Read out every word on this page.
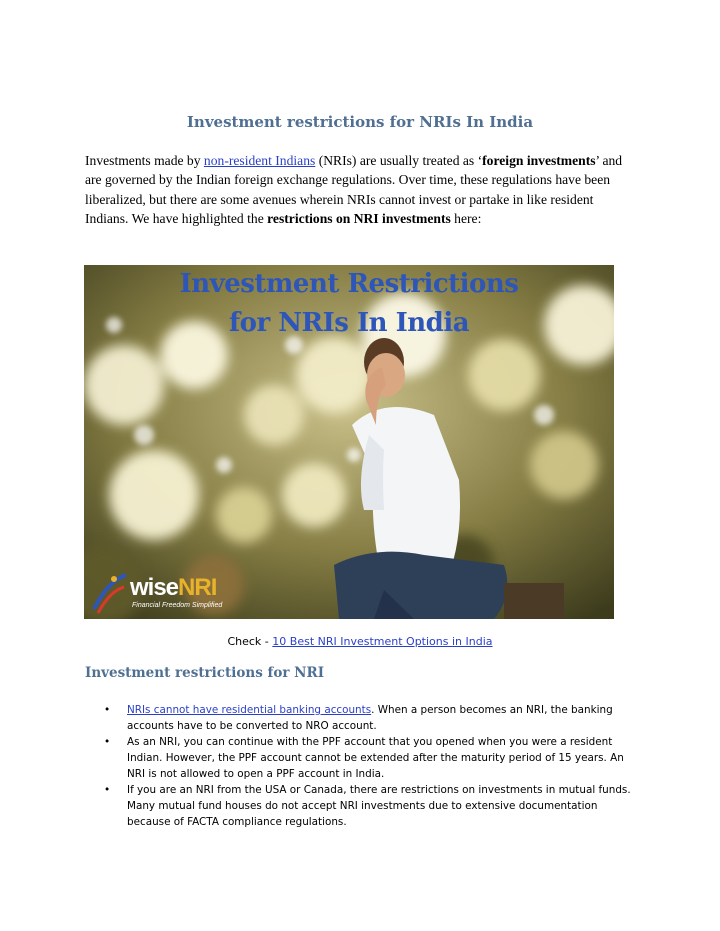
Investment restrictions for NRIs In India
Investments made by non-resident Indians (NRIs) are usually treated as ‘foreign investments’ and are governed by the Indian foreign exchange regulations. Over time, these regulations have been liberalized, but there are some avenues wherein NRIs cannot invest or partake in like resident Indians. We have highlighted the restrictions on NRI investments here:
Investment Restrictions
for NRIs In India
wiseNRI
Financial Freedom Simplified
Check - 10 Best NRI Investment Options in India
Investment restrictions for NRI
• NRIs cannot have residential banking accounts. When a person becomes an NRI, the banking accounts have to be converted to NRO account.
• As an NRI, you can continue with the PPF account that you opened when you were a resident Indian. However, the PPF account cannot be extended after the maturity period of 15 years. An NRI is not allowed to open a PPF account in India.
• If you are an NRI from the USA or Canada, there are restrictions on investments in mutual funds. Many mutual fund houses do not accept NRI investments due to extensive documentation because of FACTA compliance regulations.
